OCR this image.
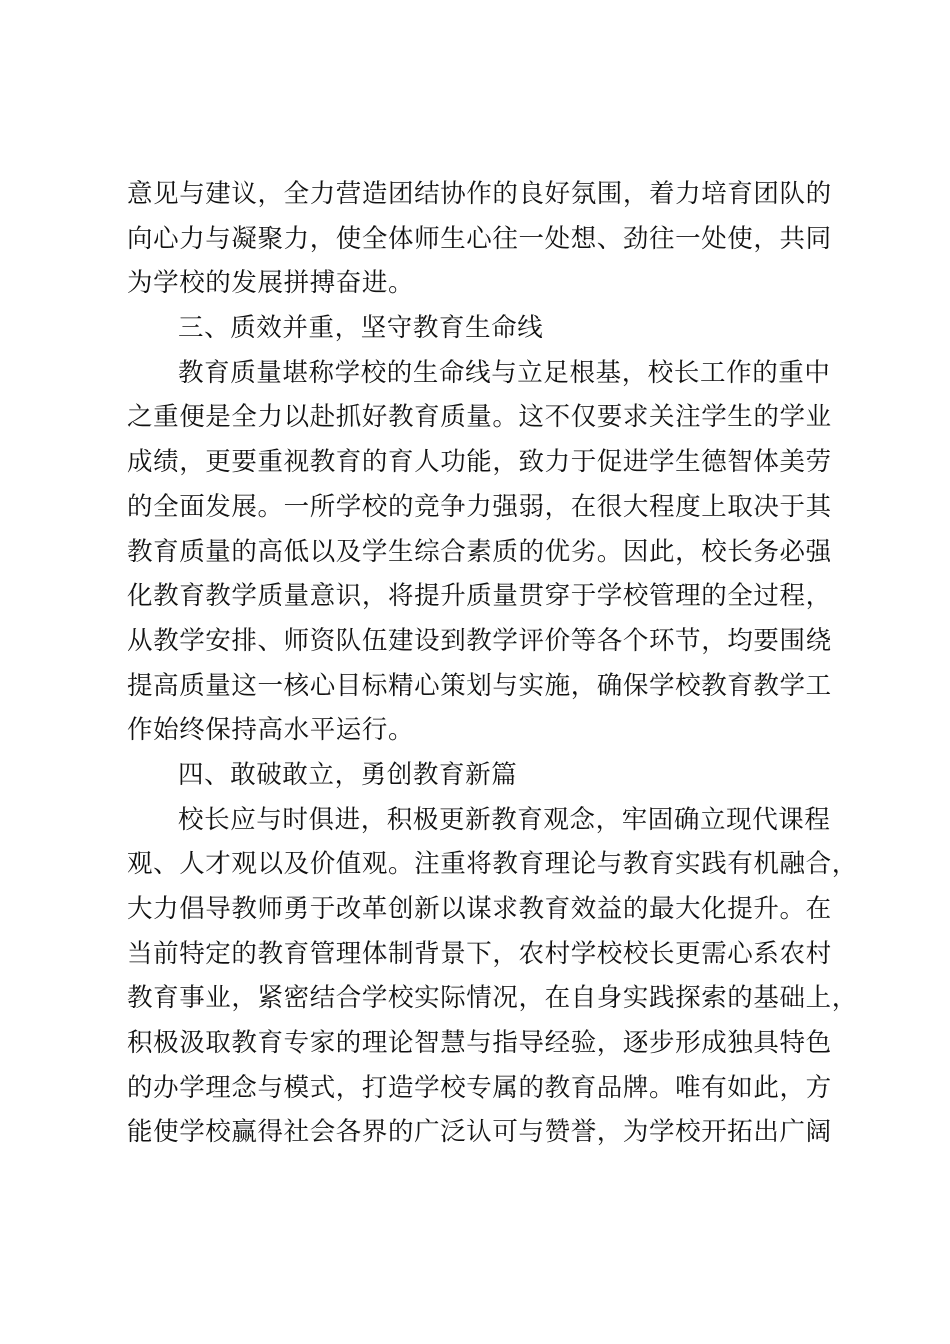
意见与建议，全力营造团结协作的良好氛围，着力培育团队的
向心力与凝聚力，使全体师生心往一处想、劲往一处使，共同
为学校的发展拼搏奋进。
三、质效并重，坚守教育生命线
教育质量堪称学校的生命线与立足根基，校长工作的重中
之重便是全力以赴抓好教育质量。这不仅要求关注学生的学业
成绩，更要重视教育的育人功能，致力于促进学生德智体美劳
的全面发展。一所学校的竞争力强弱，在很大程度上取决于其
教育质量的高低以及学生综合素质的优劣。因此，校长务必强
化教育教学质量意识，将提升质量贯穿于学校管理的全过程，
从教学安排、师资队伍建设到教学评价等各个环节，均要围绕
提高质量这一核心目标精心策划与实施，确保学校教育教学工
作始终保持高水平运行。
四、敢破敢立，勇创教育新篇
校长应与时俱进，积极更新教育观念，牢固确立现代课程
观、人才观以及价值观。注重将教育理论与教育实践有机融合，
大力倡导教师勇于改革创新以谋求教育效益的最大化提升。在
当前特定的教育管理体制背景下，农村学校校长更需心系农村
教育事业，紧密结合学校实际情况，在自身实践探索的基础上，
积极汲取教育专家的理论智慧与指导经验，逐步形成独具特色
的办学理念与模式，打造学校专属的教育品牌。唯有如此，方
能使学校赢得社会各界的广泛认可与赞誉，为学校开拓出广阔
